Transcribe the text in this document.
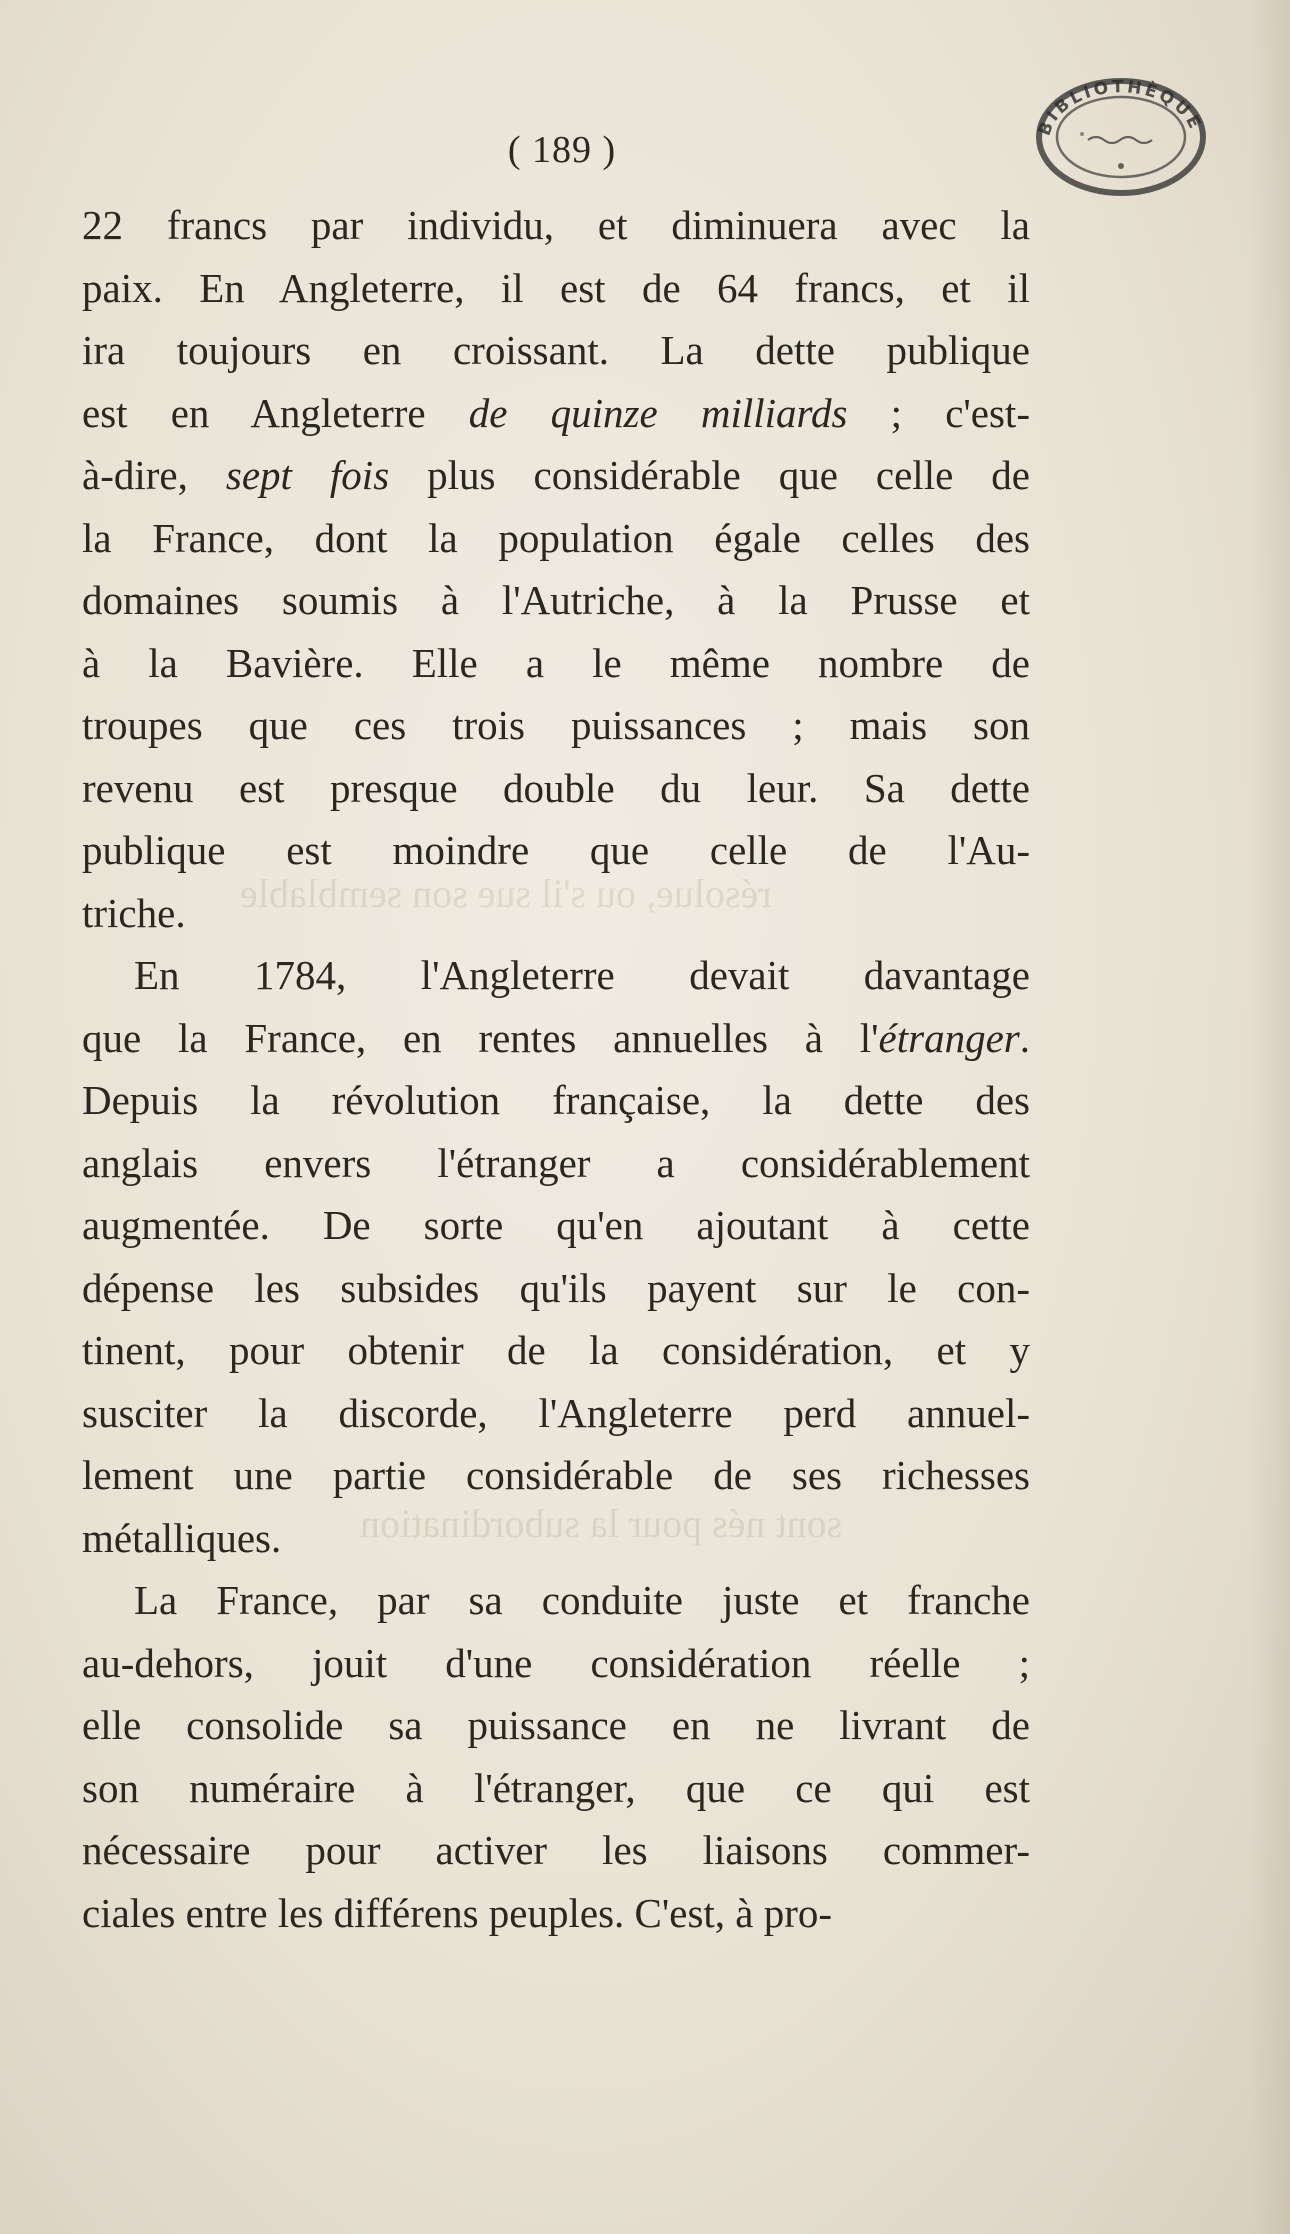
BIBLIOTHÈQUE
résolue, ou s'il sue son semblable
sont nés pour la subordination
( 189 )
22 francs par individu, et diminuera avec la
paix. En Angleterre, il est de 64 francs, et il
ira toujours en croissant. La dette publique
est en Angleterre de quinze milliards ; c'est-
à-dire, sept fois plus considérable que celle de
la France, dont la population égale celles des
domaines soumis à l'Autriche, à la Prusse et
à la Bavière. Elle a le même nombre de
troupes que ces trois puissances ; mais son
revenu est presque double du leur. Sa dette
publique est moindre que celle de l'Au-
triche.
En 1784, l'Angleterre devait davantage
que la France, en rentes annuelles à l'étranger.
Depuis la révolution française, la dette des
anglais envers l'étranger a considérablement
augmentée. De sorte qu'en ajoutant à cette
dépense les subsides qu'ils payent sur le con-
tinent, pour obtenir de la considération, et y
susciter la discorde, l'Angleterre perd annuel-
lement une partie considérable de ses richesses
métalliques.
La France, par sa conduite juste et franche
au-dehors, jouit d'une considération réelle ;
elle consolide sa puissance en ne livrant de
son numéraire à l'étranger, que ce qui est
nécessaire pour activer les liaisons commer-
ciales entre les différens peuples. C'est, à pro-
